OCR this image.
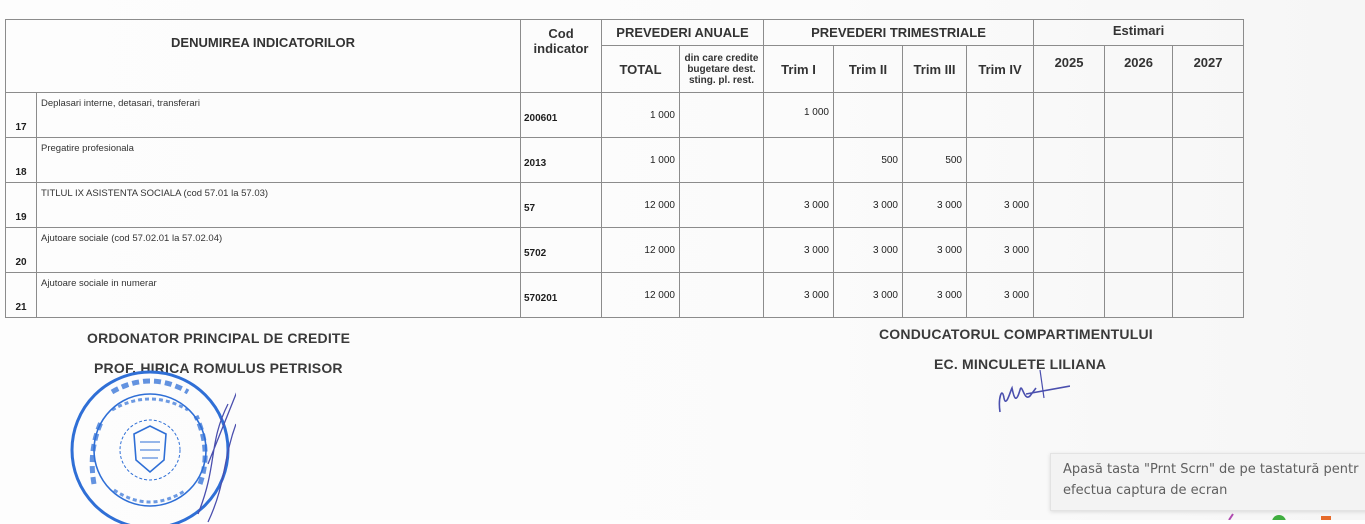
DENUMIREA INDICATORILOR		Cod
indicator	PREVEDERI ANUALE		PREVEDERI TRIMESTRIALE				Estimari		
			TOTAL	din care credite
bugetare dest.
sting. pl. rest.	Trim I	Trim II	Trim III	Trim IV	2025	2026	2027
17	Deplasari interne, detasari, transferari	200601	1 000		1 000						
18	Pregatire profesionala	2013	1 000			500	500				
19	TITLUL IX ASISTENTA SOCIALA (cod 57.01 la 57.03)	57	12 000		3 000	3 000	3 000	3 000			
20	Ajutoare sociale (cod 57.02.01 la 57.02.04)	5702	12 000		3 000	3 000	3 000	3 000			
21	Ajutoare sociale in numerar	570201	12 000		3 000	3 000	3 000	3 000			
ORDONATOR PRINCIPAL DE CREDITE
PROF. HIRICA ROMULUS PETRISOR
CONDUCATORUL COMPARTIMENTULUI
EC. MINCULETE LILIANA
Apasă tasta "Prnt Scrn" de pe tastatură pentr
efectua captura de ecran
